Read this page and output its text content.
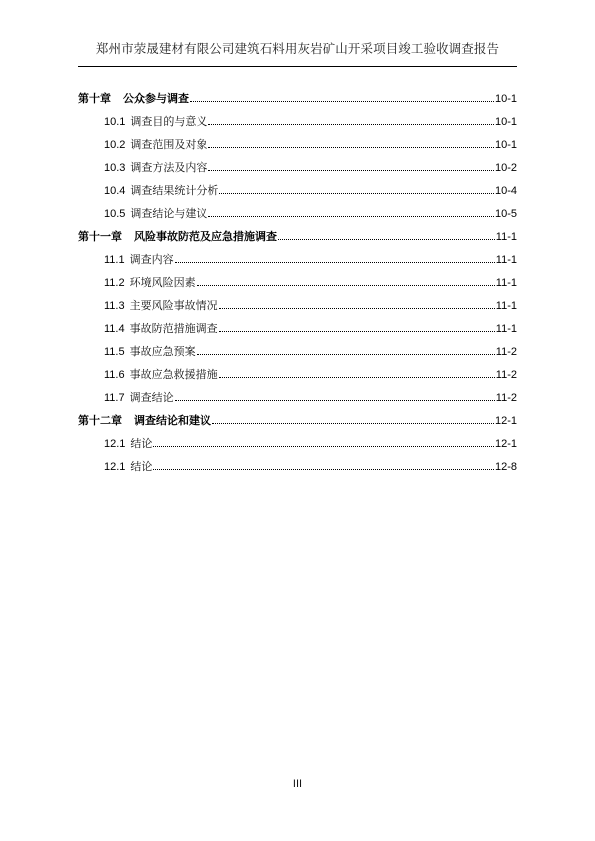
郑州市荥晟建材有限公司建筑石料用灰岩矿山开采项目竣工验收调查报告
第十章 公众参与调查	10-1
10.1 调查目的与意义	10-1
10.2 调查范围及对象	10-1
10.3 调查方法及内容	10-2
10.4 调查结果统计分析	10-4
10.5 调查结论与建议	10-5
第十一章 风险事故防范及应急措施调查	11-1
11.1 调查内容	11-1
11.2 环境风险因素	11-1
11.3 主要风险事故情况	11-1
11.4 事故防范措施调查	11-1
11.5 事故应急预案	11-2
11.6 事故应急救援措施	11-2
11.7 调查结论	11-2
第十二章 调查结论和建议	12-1
12.1 结论	12-1
12.1 结论	12-8
III
